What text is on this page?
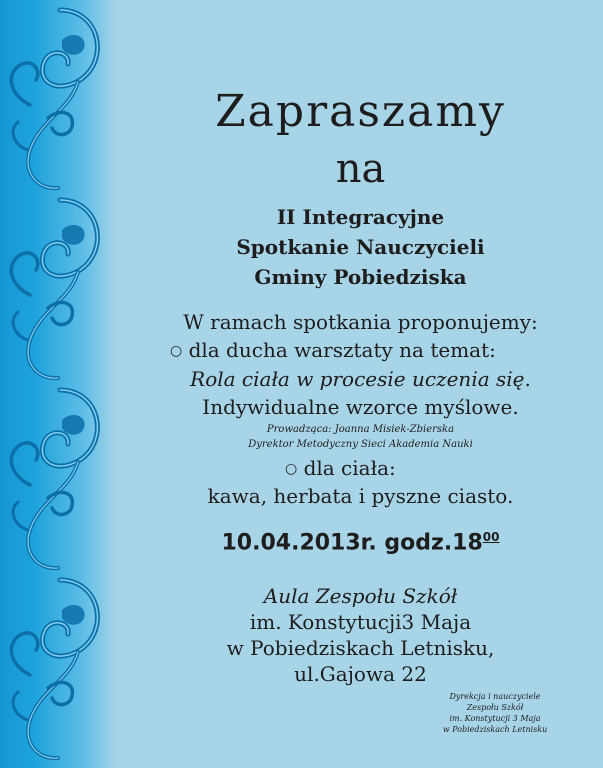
Zapraszamy
na
II Integracyjne
Spotkanie Nauczycieli
Gminy Pobiedziska
W ramach spotkania proponujemy:
○ dla ducha warsztaty na temat:
Rola ciała w procesie uczenia się.
Indywidualne wzorce myślowe.
Prowadząca: Joanna Misiek-Zbierska
Dyrektor Metodyczny Sieci Akademia Nauki
○ dla ciała:
kawa, herbata i pyszne ciasto.
10.04.2013r. $godz.18^{00}$
Aula Zespołu Szkół
im. Konstytucji3 Maja
w Pobiedziskach Letnisku,
ul.Gajowa 22
Dyrekcja i nauczyciele
Zespołu Szkół
im. Konstytucji 3 Maja
w Pobiedziskach Letnisku
